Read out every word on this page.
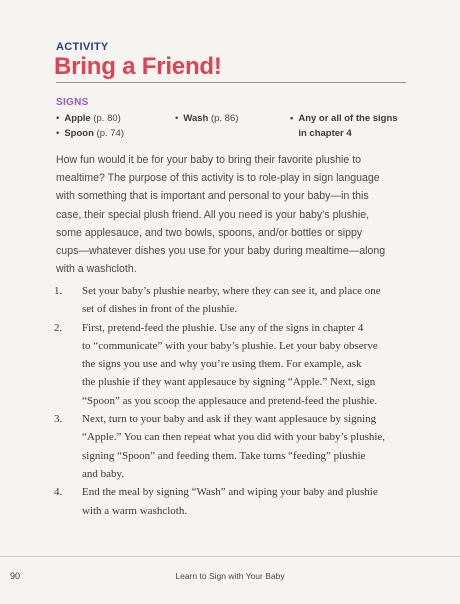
ACTIVITY
Bring a Friend!
SIGNS
• Apple (p. 80)
• Spoon (p. 74)
• Wash (p. 86)	• Any or all of the signs
in chapter 4
How fun would it be for your baby to bring their favorite plushie to
mealtime? The purpose of this activity is to role-play in sign language
with something that is important and personal to your baby—in this
case, their special plush friend. All you need is your baby’s plushie,
some applesauce, and two bowls, spoons, and/or bottles or sippy
cups—whatever dishes you use for your baby during mealtime—along
with a washcloth.
1. Set your baby’s plushie nearby, where they can see it, and place one
set of dishes in front of the plushie.
2. First, pretend-feed the plushie. Use any of the signs in chapter 4
to “communicate” with your baby’s plushie. Let your baby observe
the signs you use and why you’re using them. For example, ask
the plushie if they want applesauce by signing “Apple.” Next, sign
“Spoon” as you scoop the applesauce and pretend-feed the plushie.
3. Next, turn to your baby and ask if they want applesauce by signing
“Apple.” You can then repeat what you did with your baby’s plushie,
signing “Spoon” and feeding them. Take turns “feeding” plushie
and baby.
4. End the meal by signing “Wash” and wiping your baby and plushie
with a warm washcloth.
90	Learn to Sign with Your Baby
